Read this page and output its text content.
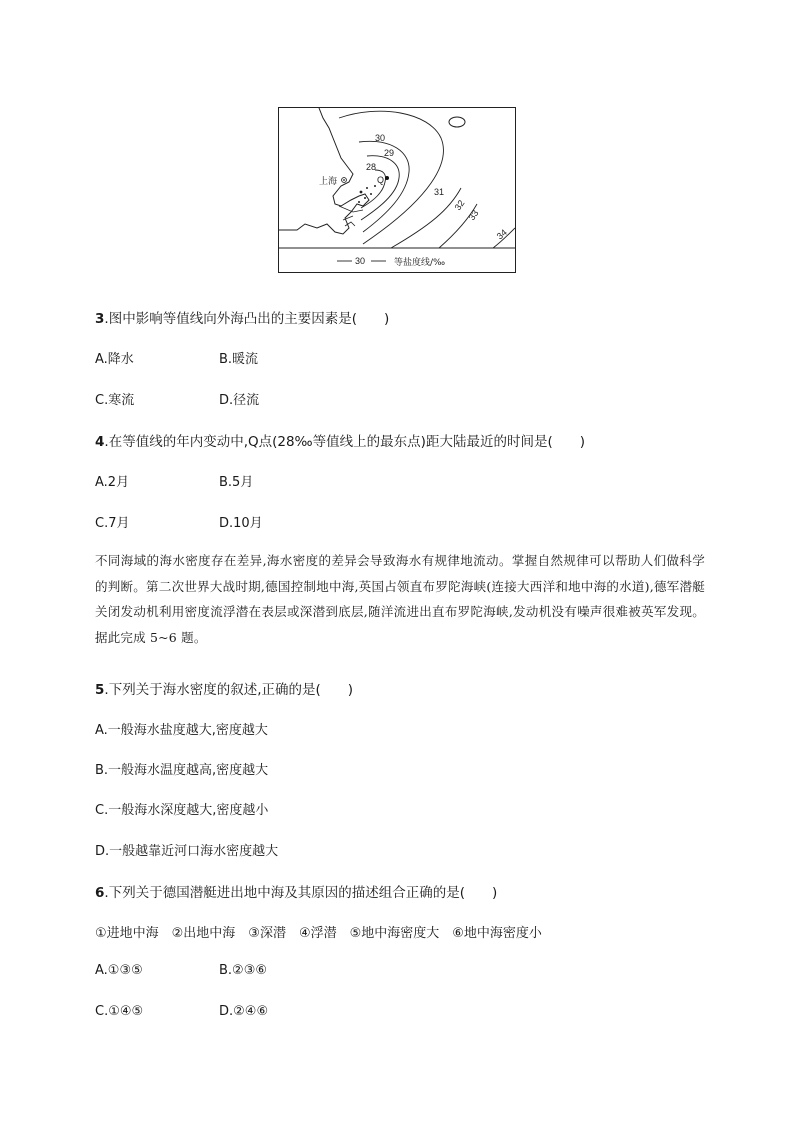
30
29
28
31
32
33
34
上海	Q
30	等盐度线/‰
3.图中影响等值线向外海凸出的主要因素是(　　)
A.降水	B.暖流
C.寒流	D.径流
4.在等值线的年内变动中,Q点(28‰等值线上的最东点)距大陆最近的时间是(　　)
A.2月	B.5月
C.7月	D.10月

不同海域的海水密度存在差异,海水密度的差异会导致海水有规律地流动。掌握自然规律可以帮助人们做科学的判断。第二次世界大战时期,德国控制地中海,英国占领直布罗陀海峡(连接大西洋和地中海的水道),德军潜艇关闭发动机利用密度流浮潜在表层或深潜到底层,随洋流进出直布罗陀海峡,发动机没有噪声很难被英军发现。据此完成 5~6 题。

5.下列关于海水密度的叙述,正确的是(　　)
A.一般海水盐度越大,密度越大
B.一般海水温度越高,密度越大
C.一般海水深度越大,密度越小
D.一般越靠近河口海水密度越大
6.下列关于德国潜艇进出地中海及其原因的描述组合正确的是(　　)
①进地中海　②出地中海　③深潜　④浮潜　⑤地中海密度大　⑥地中海密度小
A.①③⑤	B.②③⑥
C.①④⑤	D.②④⑥
